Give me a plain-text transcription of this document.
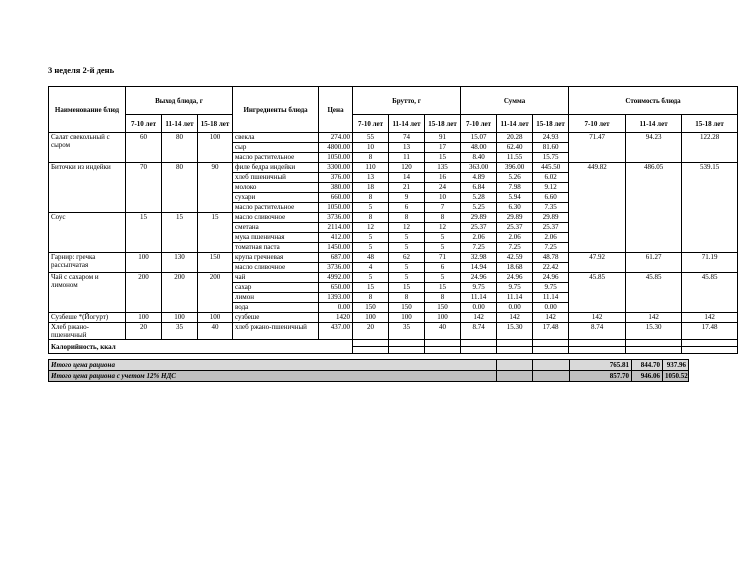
3 неделя 2-й день
Наименование блюд	Выход блюда, г			Ингредиенты блюда	Цена	Брутто, г			Сумма			Стоимость блюда		
	7-10 лет	11-14 лет	15-18 лет			7-10 лет	11-14 лет	15-18 лет	7-10 лет	11-14 лет	15-18 лет	7-10 лет	11-14 лет	15-18 лет
Салат свекольный с сыром	60	80	100	свекла	274.00	55	74	91	15.07	20.28	24.93	71.47	94.23	122.28
				сыр	4800.00	10	13	17	48.00	62.40	81.60			
				масло растительное	1050.00	8	11	15	8.40	11.55	15.75			
Биточки из индейки	70	80	90	филе бедра индейки	3300.00	110	120	135	363.00	396.00	445.50	449.82	486.05	539.15
				хлеб пшеничный	376.00	13	14	16	4.89	5.26	6.02			
				молоко	380.00	18	21	24	6.84	7.98	9.12			
				сухари	660.00	8	9	10	5.28	5.94	6.60			
				масло растительное	1050.00	5	6	7	5.25	6.30	7.35			
Соус	15	15	15	масло сливочное	3736.00	8	8	8	29.89	29.89	29.89			
				сметана	2114.00	12	12	12	25.37	25.37	25.37			
				мука пшеничная	412.00	5	5	5	2.06	2.06	2.06			
				томатная паста	1450.00	5	5	5	7.25	7.25	7.25			
Гарнир: гречка рассыпчатая	100	130	150	крупа гречневая	687.00	48	62	71	32.98	42.59	48.78	47.92	61.27	71.19
				масло сливочное	3736.00	4	5	6	14.94	18.68	22.42			
Чай с сахаром и лимоном	200	200	200	чай	4992.00	5	5	5	24.96	24.96	24.96	45.85	45.85	45.85
				сахар	650.00	15	15	15	9.75	9.75	9.75			
				лимон	1393.00	8	8	8	11.14	11.14	11.14			
				вода	0.00	150	150	150	0.00	0.00	0.00			
Сузбеше *(Йогурт)	100	100	100	сузбеше	1420	100	100	100	142	142	142	142	142	142
Хлеб ржано-пшеничный	20	35	40	хлеб ржано-пшеничный	437.00	20	35	40	8.74	15.30	17.48	8.74	15.30	17.48
Калорийность, ккал														

Итого цена рациона			765.81	844.70	937.96
Итого цена рациона с учетом 12% НДС			857.70	946.06	1050.52
